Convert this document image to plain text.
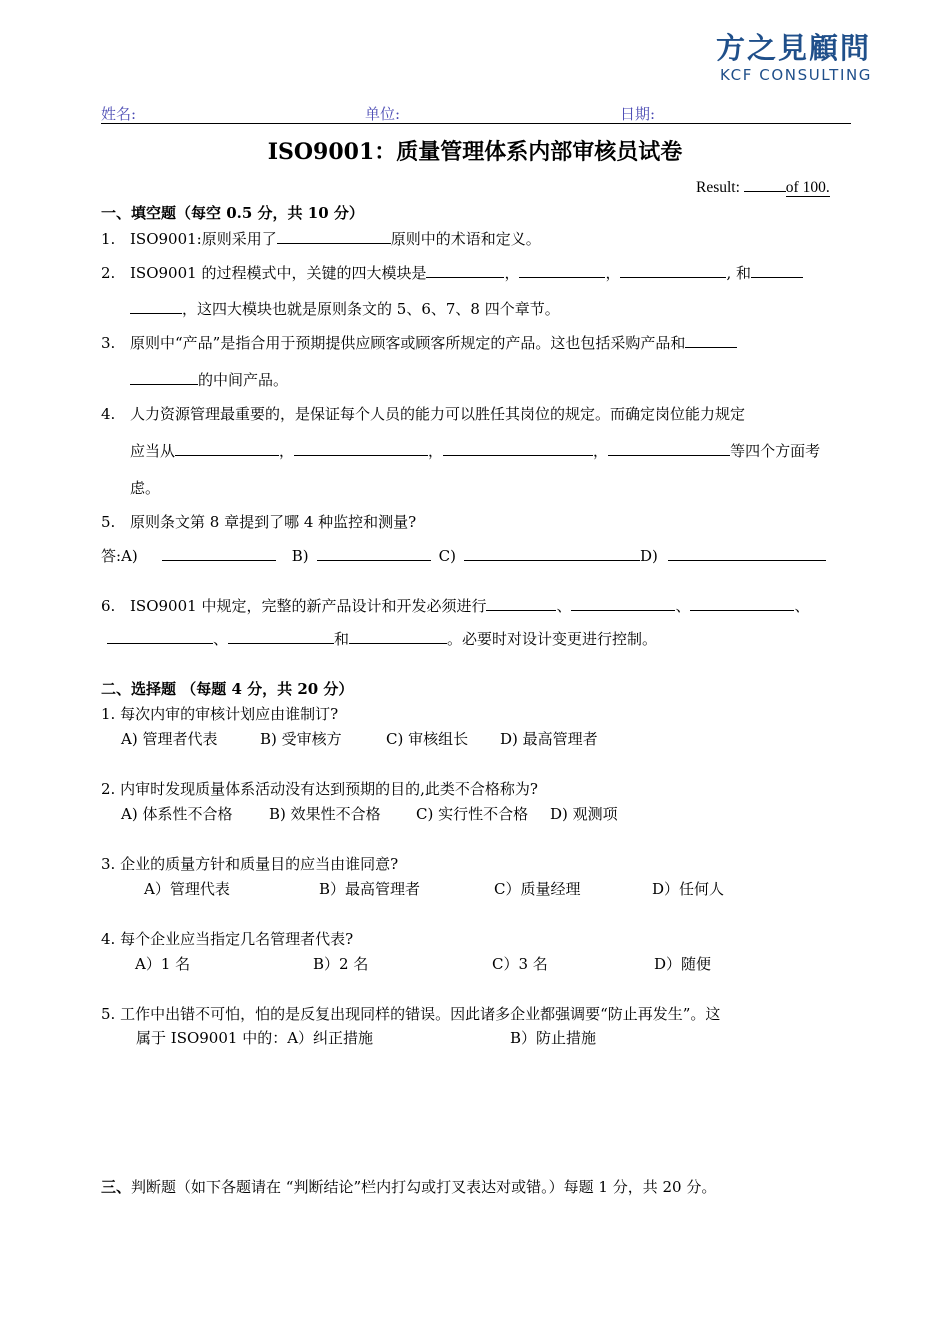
方之見顧問
KCF CONSULTING
姓名:	单位:	日期:
ISO9001：质量管理体系内部审核员试卷
Result:	of 100.
一、填空题（每空 0.5 分，共 10 分）
1. ISO9001:原则采用了	原则中的术语和定义。
2. ISO9001 的过程模式中，关键的四大模块是	，	，	, 和
，这四大模块也就是原则条文的 5、6、7、8 四个章节。
3. 原则中“产品”是指合用于预期提供应顾客或顾客所规定的产品。这也包括采购产品和
的中间产品。
4. 人力资源管理最重要的，是保证每个人员的能力可以胜任其岗位的规定。而确定岗位能力规定
应当从	，	，	，	等四个方面考
虑。
5. 原则条文第 8 章提到了哪 4 种监控和测量?
答:A)	B)	C)	D)
6. ISO9001 中规定，完整的新产品设计和开发必须进行	、	、	、
、	和	。必要时对设计变更进行控制。
二、选择题 （每题 4 分，共 20 分）
1. 每次内审的审核计划应由谁制订?
A) 管理者代表	B) 受审核方	C) 审核组长 D) 最高管理者
2. 内审时发现质量体系活动没有达到预期的目的,此类不合格称为?
A) 体系性不合格 B) 效果性不合格 C) 实行性不合格 D) 观测项
3. 企业的质量方针和质量目的应当由谁同意?
A）管理代表	B）最高管理者	C）质量经理	D）任何人
4. 每个企业应当指定几名管理者代表?
A）1 名	B）2 名	C）3 名	D）随便
5. 工作中出错不可怕，怕的是反复出现同样的错误。因此诸多企业都强调要“防止再发生”。这
属于 ISO9001 中的：A）纠正措施	B）防止措施
三、判断题（如下各题请在 “判断结论”栏内打勾或打叉表达对或错。）每题 1 分，共 20 分。
